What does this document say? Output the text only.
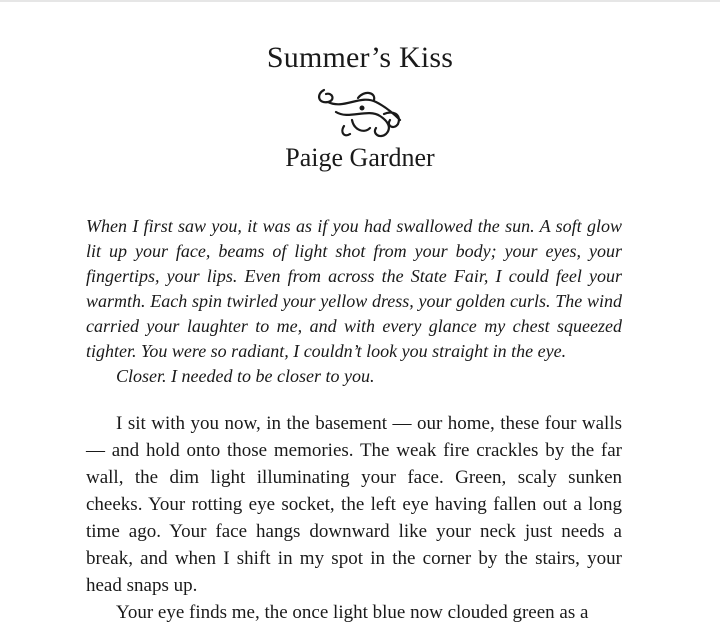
Summer’s Kiss
Paige Gardner

When I first saw you, it was as if you had swallowed the sun. A soft glow lit up your face, beams of light shot from your body; your eyes, your fingertips, your lips. Even from across the State Fair, I could feel your warmth. Each spin twirled your yellow dress, your golden curls. The wind carried your laughter to me, and with every glance my chest squeezed tighter. You were so radiant, I couldn’t look you straight in the eye.

Closer. I needed to be closer to you.

I sit with you now, in the basement — our home, these four walls — and hold onto those memories. The weak fire crackles by the far wall, the dim light illuminating your face. Green, scaly sunken cheeks. Your rotting eye socket, the left eye having fallen out a long time ago. Your face hangs downward like your neck just needs a break, and when I shift in my spot in the corner by the stairs, your head snaps up.

Your eye finds me, the once light blue now clouded green as a
